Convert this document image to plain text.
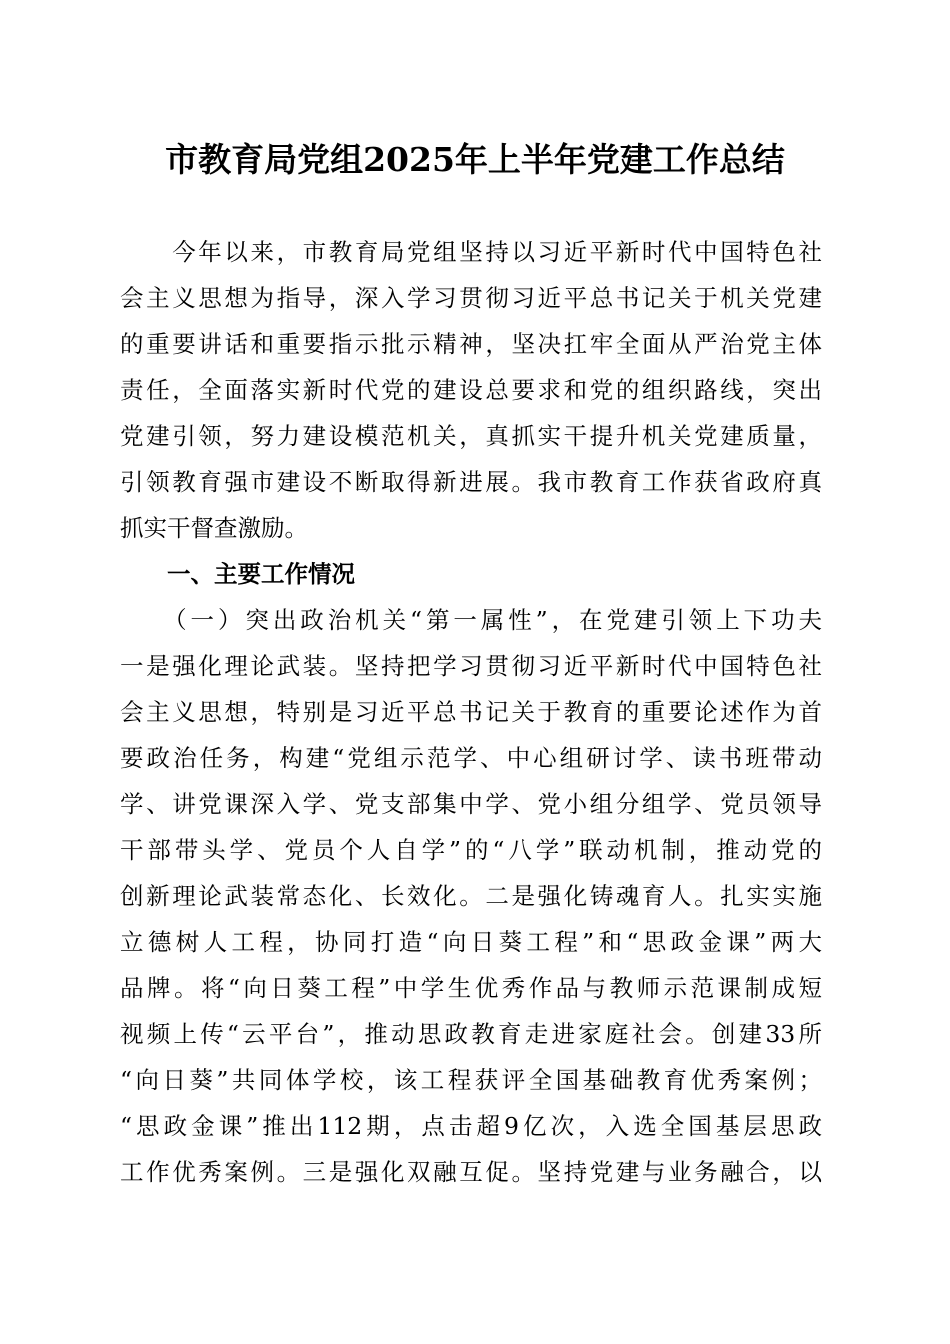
市教育局党组2025年上半年党建工作总结
　　今年以来，市教育局党组坚持以习近平新时代中国特色社
会主义思想为指导，深入学习贯彻习近平总书记关于机关党建
的重要讲话和重要指示批示精神，坚决扛牢全面从严治党主体
责任，全面落实新时代党的建设总要求和党的组织路线，突出
党建引领，努力建设模范机关，真抓实干提升机关党建质量，
引领教育强市建设不断取得新进展。我市教育工作获省政府真
抓实干督查激励。
　　一、主要工作情况
　　（一）突出政治机关“第一属性”，在党建引领上下功夫
一是强化理论武装。坚持把学习贯彻习近平新时代中国特色社
会主义思想，特别是习近平总书记关于教育的重要论述作为首
要政治任务，构建“党组示范学、中心组研讨学、读书班带动
学、讲党课深入学、党支部集中学、党小组分组学、党员领导
干部带头学、党员个人自学”的“八学”联动机制，推动党的
创新理论武装常态化、长效化。二是强化铸魂育人。扎实实施
立德树人工程，协同打造“向日葵工程”和“思政金课”两大
品牌。将“向日葵工程”中学生优秀作品与教师示范课制成短
视频上传“云平台”，推动思政教育走进家庭社会。创建33所
“向日葵”共同体学校，该工程获评全国基础教育优秀案例；
“思政金课”推出112期，点击超9亿次，入选全国基层思政
工作优秀案例。三是强化双融互促。坚持党建与业务融合，以
